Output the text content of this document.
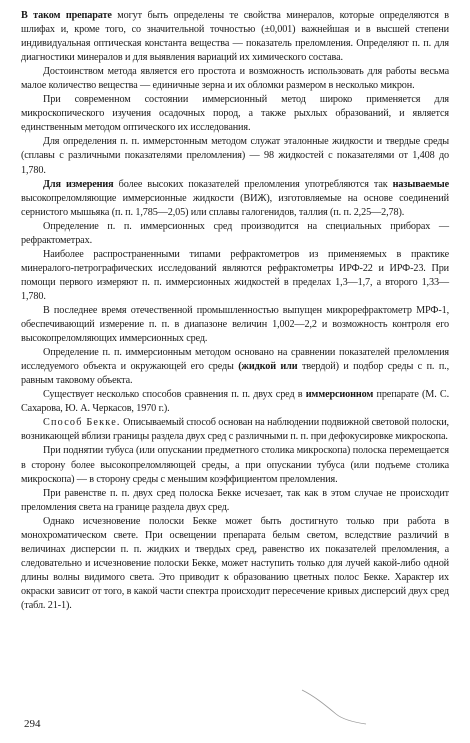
В таком препарате могут быть определены те свойства минералов, которые определяются в шлифах и, кроме того, со значительной точностью (±0,001) важнейшая и в высшей степени индивидуальная оптическая константа вещества — показатель преломления. Определяют п. п. для диагностики минералов и для выявления вариаций их химического состава.

Достоинством метода является его простота и возможность использовать для работы весьма малое количество вещества — единичные зерна и их обломки размером в несколько микрон.

При современном состоянии иммерсионный метод широко применяется для микроскопического изучения осадочных пород, а также рыхлых образований, и является единственным методом оптического их исследования.

Для определения п. п. иммерстонным методом служат эталонные жидкости и твердые среды (сплавы с различными показателями преломления) — 98 жидкостей с показателями от 1,408 до 1,780.

Для измерения более высоких показателей преломления употребляются так называемые высокопреломляющие иммерсионные жидкости (ВИЖ), изготовляемые на основе соединений сернистого мышьяка (п. п. 1,785—2,05) или сплавы галогенидов, таллия (п. п. 2,25—2,78).

Определение п. п. иммерсионных сред производится на специальных приборах — рефрактометрах.

Наиболее распространенными типами рефрактометров из применяемых в практике минералого-петрографических исследований являются рефрактометры ИРФ-22 и ИРФ-23. При помощи первого измеряют п. п. иммерсионных жидкостей в пределах 1,3—1,7, а второго 1,33—1,780.

В последнее время отечественной промышленностью выпущен микрорефрактометр МРФ-1, обеспечивающий измерение п. п. в диапазоне величин 1,002—2,2 и возможность контроля его высокопреломляющих иммерсионных сред.

Определение п. п. иммерсионным методом основано на сравнении показателей преломления исследуемого объекта и окружающей его среды (жидкой или твердой) и подбор среды с п. п., равным таковому объекта.

Существует несколько способов сравнения п. п. двух сред в иммерсионном препарате (М. С. Сахарова, Ю. А. Черкасов, 1970 г.).

Способ Бекке. Описываемый способ основан на наблюдении подвижной световой полоски, возникающей вблизи границы раздела двух сред с различными п. п. при дефокусировке микроскопа.

При поднятии тубуса (или опускании предметного столика микроскопа) полоска перемещается в сторону более высокопреломляющей среды, а при опускании тубуса (или подъеме столика микроскопа) — в сторону среды с меньшим коэффициентом преломления.

При равенстве п. п. двух сред полоска Бекке исчезает, так как в этом случае не происходит преломления света на границе раздела двух сред.

Однако исчезновение полоски Бекке может быть достигнуто только при работа в монохроматическом свете. При освещении препарата белым светом, вследствие различий в величинах дисперсии п. п. жидких и твердых сред, равенство их показателей преломления, а следовательно и исчезновение полоски Бекке, может наступить только для лучей какой-либо одной длины волны видимого света. Это приводит к образованию цветных полос Бекке. Характер их окраски зависит от того, в какой части спектра происходит пересечение кривых дисперсий двух сред (табл. 21-1).

294
